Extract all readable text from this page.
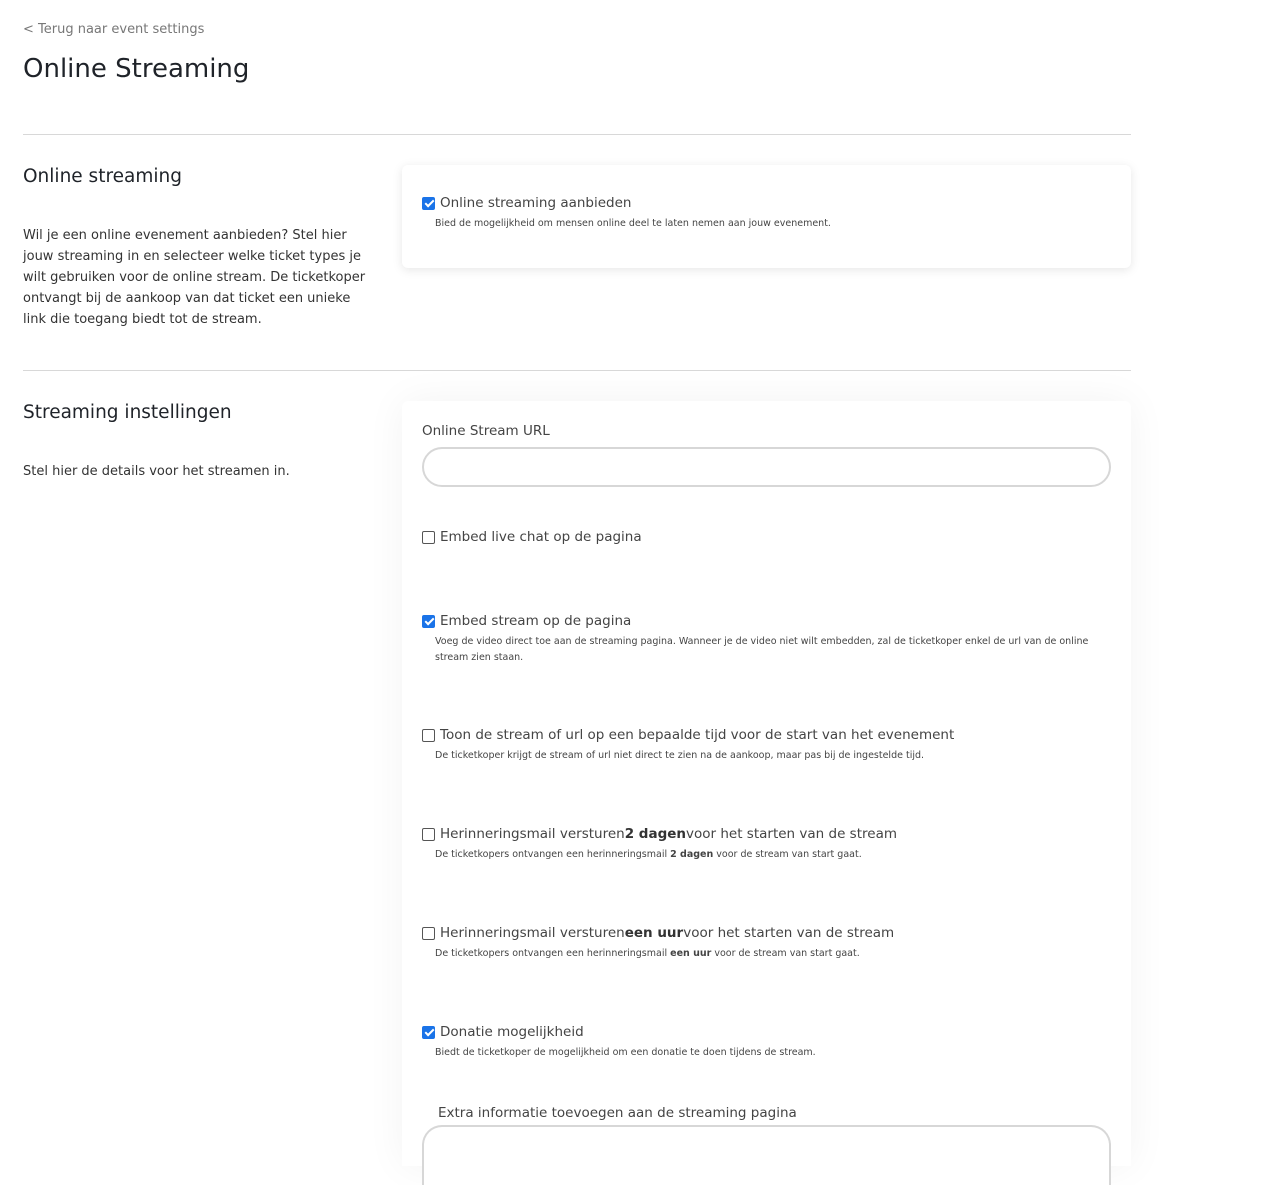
< Terug naar event settings
Online Streaming
Online streaming

Wil je een online evenement aanbieden? Stel hier jouw streaming in en selecteer welke ticket types je wilt gebruiken voor de online stream. De ticketkoper ontvangt bij de aankoop van dat ticket een unieke link die toegang biedt tot de stream.

Online streaming aanbieden
Bied de mogelijkheid om mensen online deel te laten nemen aan jouw evenement.
Streaming instellingen

Stel hier de details voor het streamen in.

Online Stream URL
Embed live chat op de pagina
Embed stream op de pagina
Voeg de video direct toe aan de streaming pagina. Wanneer je de video niet wilt embedden, zal de ticketkoper enkel de url van de online stream zien staan.
Toon de stream of url op een bepaalde tijd voor de start van het evenement
De ticketkoper krijgt de stream of url niet direct te zien na de aankoop, maar pas bij de ingestelde tijd.
Herinneringsmail versturen2 dagenvoor het starten van de stream
De ticketkopers ontvangen een herinneringsmail 2 dagen voor de stream van start gaat.
Herinneringsmail verstureneen uurvoor het starten van de stream
De ticketkopers ontvangen een herinneringsmail een uur voor de stream van start gaat.
Donatie mogelijkheid
Biedt de ticketkoper de mogelijkheid om een donatie te doen tijdens de stream.
Extra informatie toevoegen aan de streaming pagina
